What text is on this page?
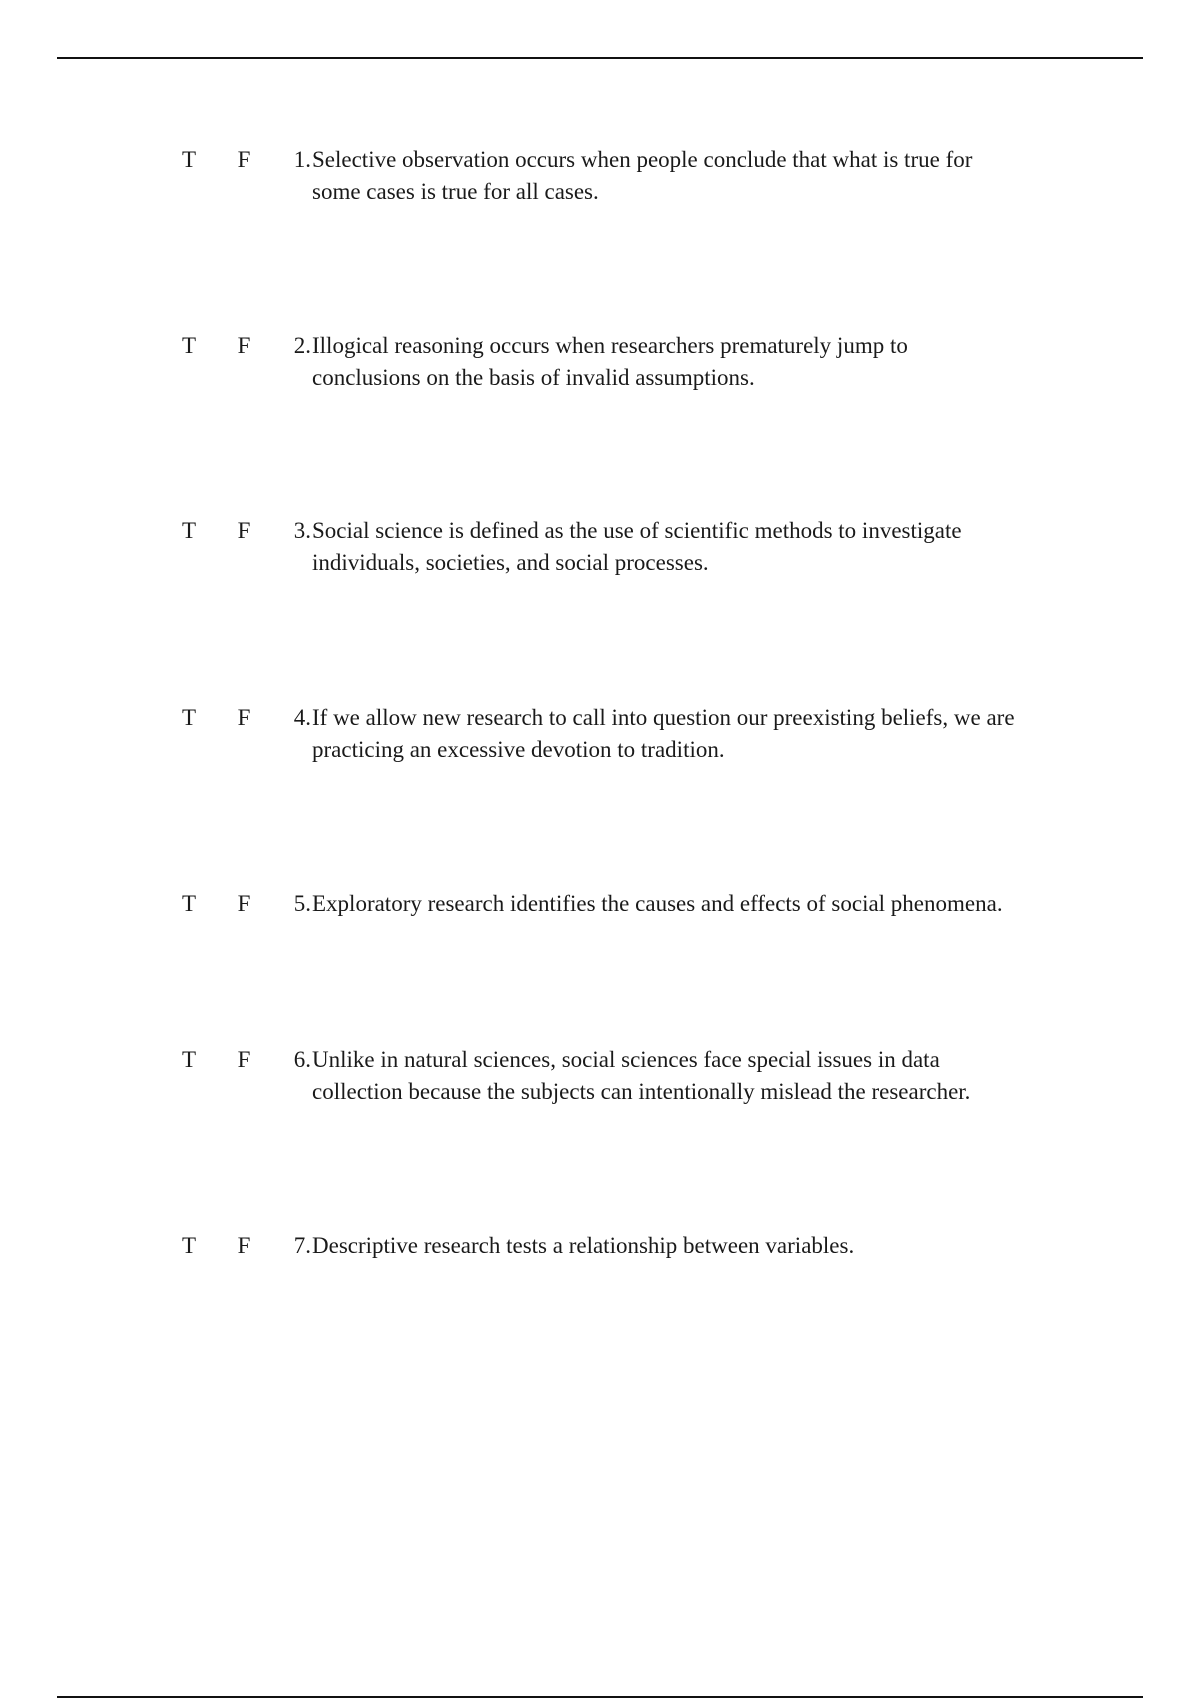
T F	1. Selective observation occurs when people conclude that what is true for
some cases is true for all cases.
T F	2. Illogical reasoning occurs when researchers prematurely jump to
conclusions on the basis of invalid assumptions.
T F	3. Social science is defined as the use of scientific methods to investigate
individuals, societies, and social processes.
T F	4. If we allow new research to call into question our preexisting beliefs, we are
practicing an excessive devotion to tradition.
T F	5. Exploratory research identifies the causes and effects of social phenomena.
T F	6. Unlike in natural sciences, social sciences face special issues in data
collection because the subjects can intentionally mislead the researcher.
T F	7. Descriptive research tests a relationship between variables.
